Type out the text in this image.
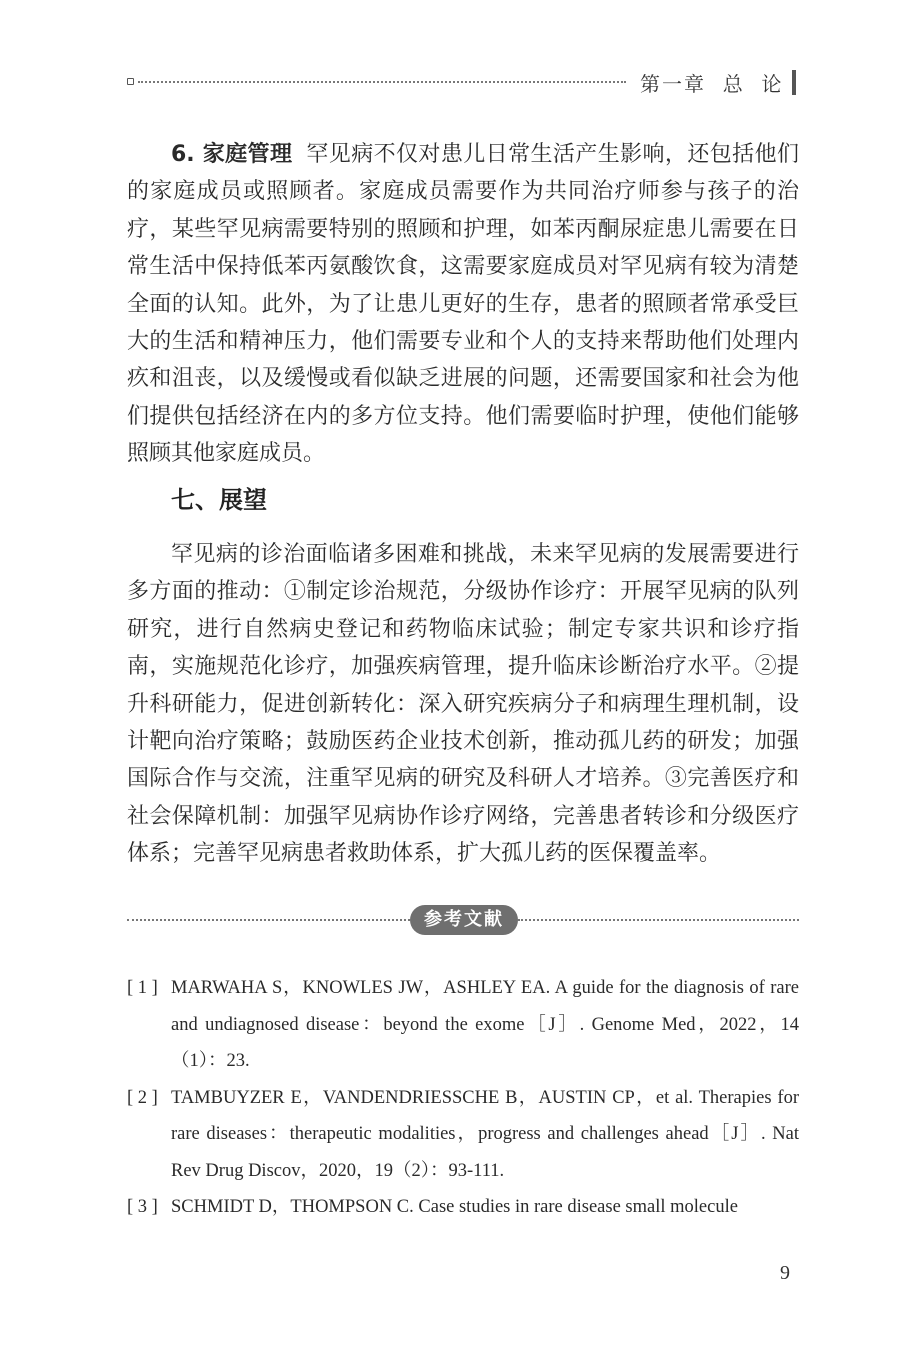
第一章  总  论

6. 家庭管理 罕见病不仅对患儿日常生活产生影响，还包括他们的家庭成员或照顾者。家庭成员需要作为共同治疗师参与孩子的治疗，某些罕见病需要特别的照顾和护理，如苯丙酮尿症患儿需要在日常生活中保持低苯丙氨酸饮食，这需要家庭成员对罕见病有较为清楚全面的认知。此外，为了让患儿更好的生存，患者的照顾者常承受巨大的生活和精神压力，他们需要专业和个人的支持来帮助他们处理内疚和沮丧，以及缓慢或看似缺乏进展的问题，还需要国家和社会为他们提供包括经济在内的多方位支持。他们需要临时护理，使他们能够照顾其他家庭成员。

七、展望

罕见病的诊治面临诸多困难和挑战，未来罕见病的发展需要进行多方面的推动：①制定诊治规范，分级协作诊疗：开展罕见病的队列研究，进行自然病史登记和药物临床试验；制定专家共识和诊疗指南，实施规范化诊疗，加强疾病管理，提升临床诊断治疗水平。②提升科研能力，促进创新转化：深入研究疾病分子和病理生理机制，设计靶向治疗策略；鼓励医药企业技术创新，推动孤儿药的研发；加强国际合作与交流，注重罕见病的研究及科研人才培养。③完善医疗和社会保障机制：加强罕见病协作诊疗网络，完善患者转诊和分级医疗体系；完善罕见病患者救助体系，扩大孤儿药的医保覆盖率。

参考文献
[ 1 ] MARWAHA S，KNOWLES JW，ASHLEY EA. A guide for the diagnosis of rare and undiagnosed disease：beyond the exome［J］. Genome Med，2022，14（1）：23.
[ 2 ] TAMBUYZER E，VANDENDRIESSCHE B，AUSTIN CP，et al. Therapies for rare diseases：therapeutic modalities，progress and challenges ahead［J］. Nat Rev Drug Discov，2020，19（2）：93-111.
[ 3 ] SCHMIDT D，THOMPSON C. Case studies in rare disease small molecule
9
